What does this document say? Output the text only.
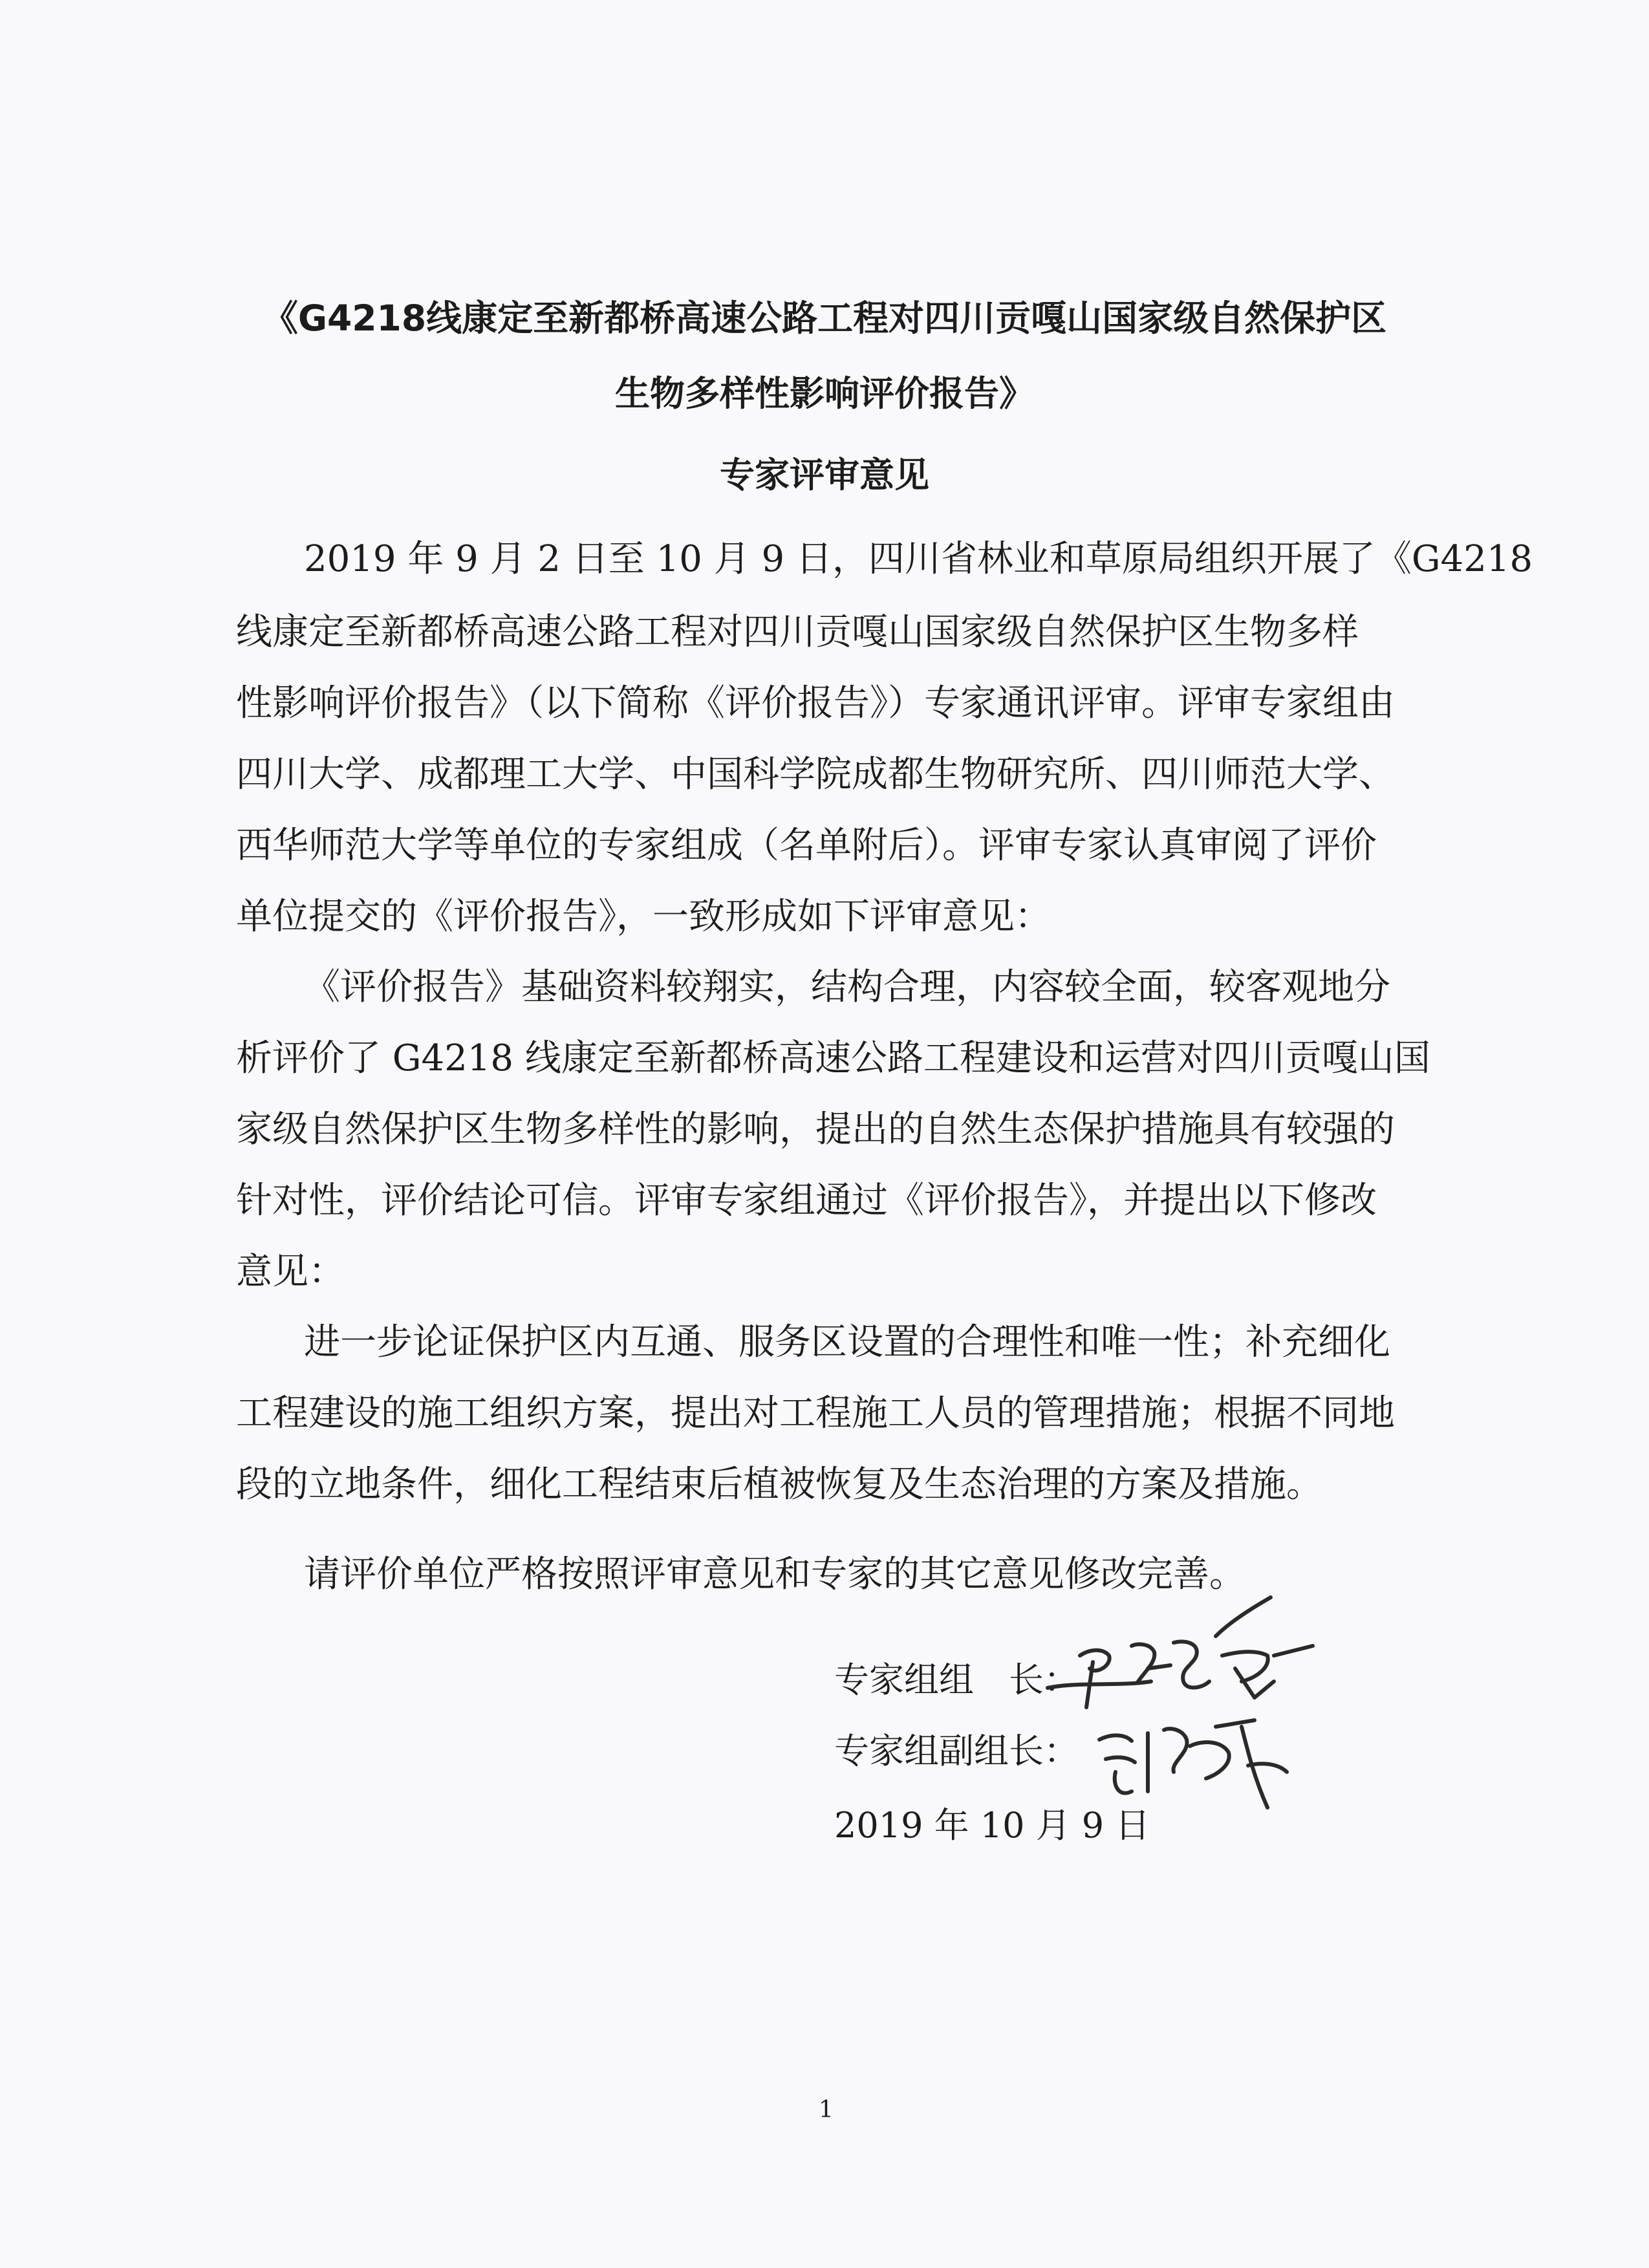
《G4218线康定至新都桥高速公路工程对四川贡嘎山国家级自然保护区
生物多样性影响评价报告》
专家评审意见
2019 年 9 月 2 日至 10 月 9 日，四川省林业和草原局组织开展了《G4218
线康定至新都桥高速公路工程对四川贡嘎山国家级自然保护区生物多样
性影响评价报告》（以下简称《评价报告》）专家通讯评审。评审专家组由
四川大学、成都理工大学、中国科学院成都生物研究所、四川师范大学、
西华师范大学等单位的专家组成（名单附后）。评审专家认真审阅了评价
单位提交的《评价报告》，一致形成如下评审意见：
《评价报告》基础资料较翔实，结构合理，内容较全面，较客观地分
析评价了 G4218 线康定至新都桥高速公路工程建设和运营对四川贡嘎山国
家级自然保护区生物多样性的影响，提出的自然生态保护措施具有较强的
针对性，评价结论可信。评审专家组通过《评价报告》，并提出以下修改
意见：
进一步论证保护区内互通、服务区设置的合理性和唯一性；补充细化
工程建设的施工组织方案，提出对工程施工人员的管理措施；根据不同地
段的立地条件，细化工程结束后植被恢复及生态治理的方案及措施。
请评价单位严格按照评审意见和专家的其它意见修改完善。
专家组组　长：
专家组副组长：
2019 年 10 月 9 日
1
